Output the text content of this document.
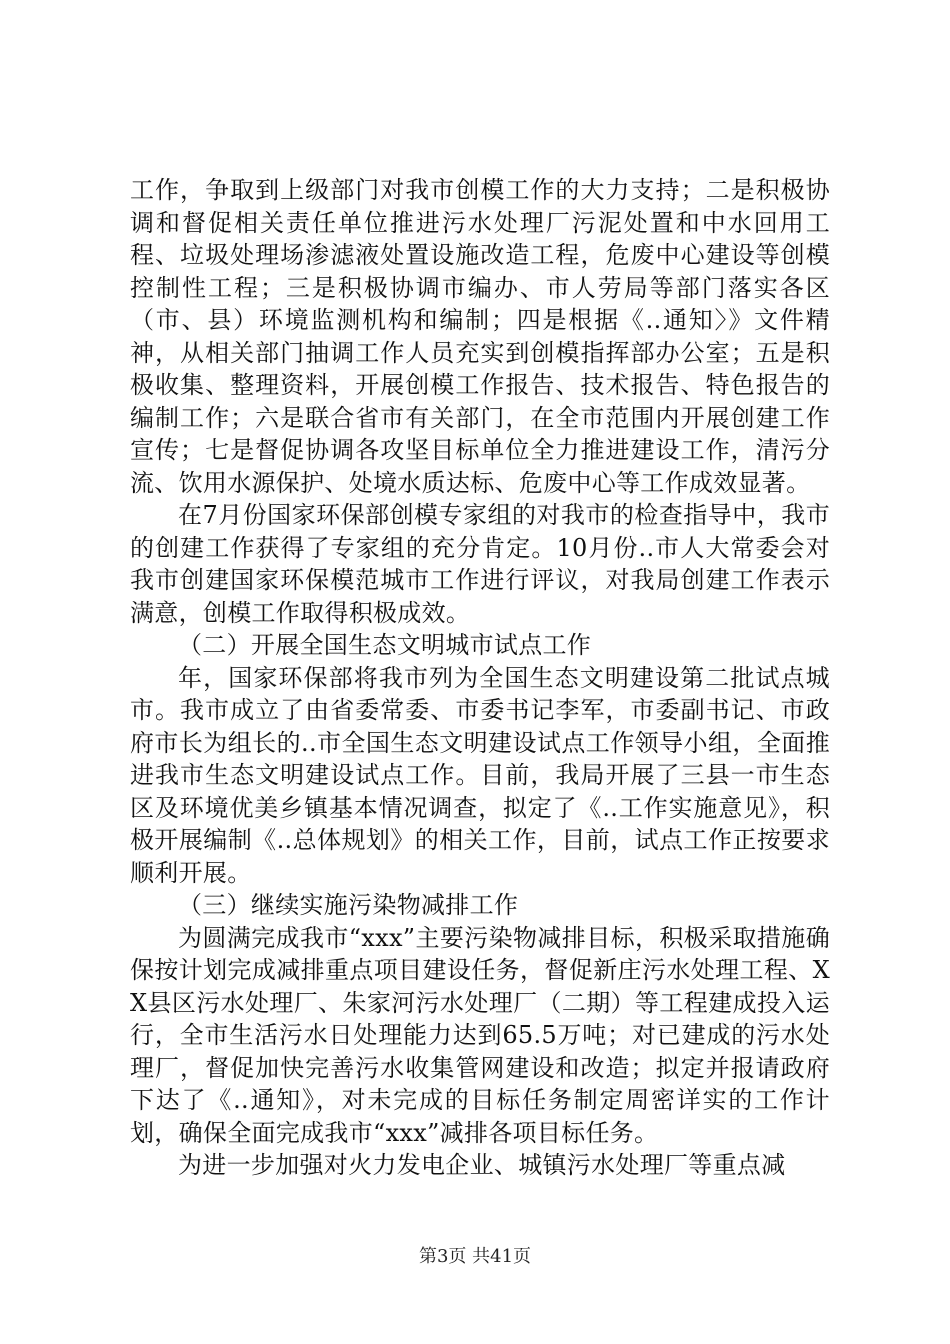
工作，争取到上级部门对我市创模工作的大力支持；二是积极协调和督促相关责任单位推进污水处理厂污泥处置和中水回用工程、垃圾处理场渗滤液处置设施改造工程，危废中心建设等创模控制性工程；三是积极协调市编办、市人劳局等部门落实各区（市、县）环境监测机构和编制；四是根据《..通知〉》文件精神，从相关部门抽调工作人员充实到创模指挥部办公室；五是积极收集、整理资料，开展创模工作报告、技术报告、特色报告的编制工作；六是联合省市有关部门，在全市范围内开展创建工作宣传；七是督促协调各攻坚目标单位全力推进建设工作，清污分流、饮用水源保护、处境水质达标、危废中心等工作成效显著。

在7月份国家环保部创模专家组的对我市的检查指导中，我市的创建工作获得了专家组的充分肯定。10月份..市人大常委会对我市创建国家环保模范城市工作进行评议，对我局创建工作表示满意，创模工作取得积极成效。

（二）开展全国生态文明城市试点工作

年，国家环保部将我市列为全国生态文明建设第二批试点城市。我市成立了由省委常委、市委书记李军，市委副书记、市政府市长为组长的..市全国生态文明建设试点工作领导小组，全面推进我市生态文明建设试点工作。目前，我局开展了三县一市生态区及环境优美乡镇基本情况调查，拟定了《..工作实施意见》，积极开展编制《..总体规划》的相关工作，目前，试点工作正按要求顺利开展。

（三）继续实施污染物减排工作

为圆满完成我市“xxx”主要污染物减排目标，积极采取措施确保按计划完成减排重点项目建设任务，督促新庄污水处理工程、XX县区污水处理厂、朱家河污水处理厂（二期）等工程建成投入运行，全市生活污水日处理能力达到65.5万吨；对已建成的污水处理厂，督促加快完善污水收集管网建设和改造；拟定并报请政府下达了《..通知》，对未完成的目标任务制定周密详实的工作计划，确保全面完成我市“xxx”减排各项目标任务。

为进一步加强对火力发电企业、城镇污水处理厂等重点减

第3页 共41页
